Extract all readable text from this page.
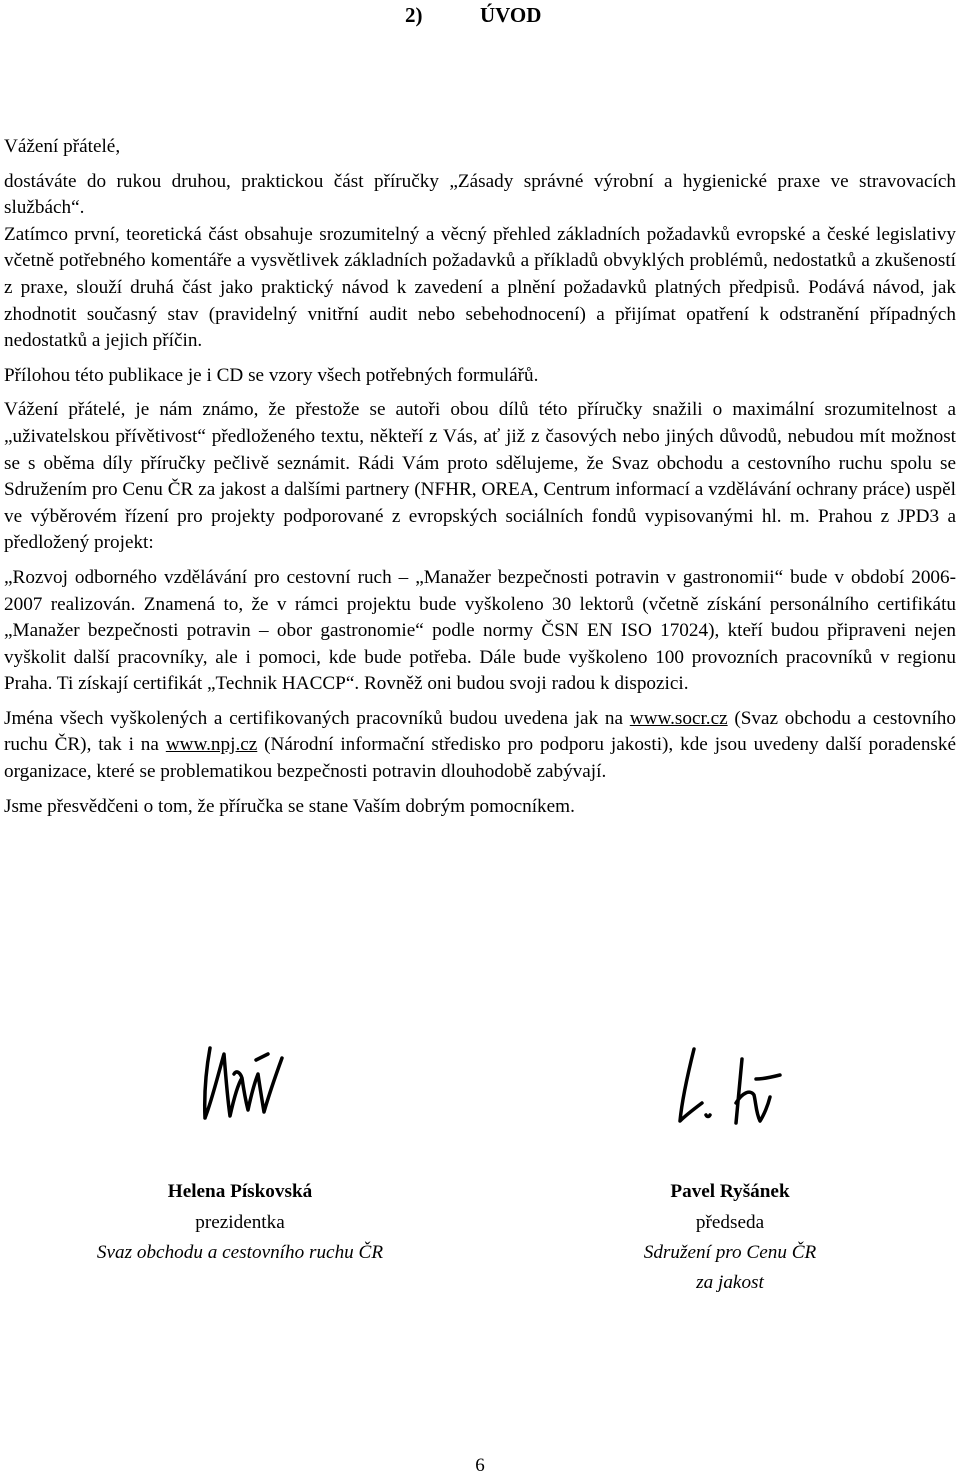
2)	ÚVOD

Vážení přátelé,

dostáváte do rukou druhou, praktickou část příručky „Zásady správné výrobní a hygienické praxe ve stravovacích službách“.

Zatímco první, teoretická část obsahuje srozumitelný a věcný přehled základních požadavků evropské a české legislativy včetně potřebného komentáře a vysvětlivek základních požadavků a příkladů obvyklých problémů, nedostatků a zkušeností z praxe, slouží druhá část jako praktický návod k zavedení a plnění požadavků platných předpisů. Podává návod, jak zhodnotit současný stav (pravidelný vnitřní audit nebo sebehodnocení) a přijímat opatření k odstranění případných nedostatků a jejich příčin.

Přílohou této publikace je i CD se vzory všech potřebných formulářů.

Vážení přátelé, je nám známo, že přestože se autoři obou dílů této příručky snažili o maximální srozumitelnost a „uživatelskou přívětivost“ předloženého textu, někteří z Vás, ať již z časových nebo jiných důvodů, nebudou mít možnost se s oběma díly příručky pečlivě seznámit. Rádi Vám proto sdělujeme, že Svaz obchodu a cestovního ruchu spolu se Sdružením pro Cenu ČR za jakost a dalšími partnery (NFHR, OREA, Centrum informací a vzdělávání ochrany práce) uspěl ve výběrovém řízení pro projekty podporované z evropských sociálních fondů vypisovanými hl. m. Prahou z JPD3 a předložený projekt:

„Rozvoj odborného vzdělávání pro cestovní ruch – „Manažer bezpečnosti potravin v gastronomii“ bude v období 2006-2007 realizován. Znamená to, že v rámci projektu bude vyškoleno 30 lektorů (včetně získání personálního certifikátu „Manažer bezpečnosti potravin – obor gastronomie“ podle normy ČSN EN ISO 17024), kteří budou připraveni nejen vyškolit další pracovníky, ale i pomoci, kde bude potřeba. Dále bude vyškoleno 100 provozních pracovníků v regionu Praha. Ti získají certifikát „Technik HACCP“. Rovněž oni budou svoji radou k dispozici.

Jména všech vyškolených a certifikovaných pracovníků budou uvedena jak na www.socr.cz (Svaz obchodu a cestovního ruchu ČR), tak i na www.npj.cz (Národní informační středisko pro podporu jakosti), kde jsou uvedeny další poradenské organizace, které se problematikou bezpečnosti potravin dlouhodobě zabývají.

Jsme přesvědčeni o tom, že příručka se stane Vaším dobrým pomocníkem.

Helena Pískovská
prezidentka
Svaz obchodu a cestovního ruchu ČR
Pavel Ryšánek
předseda
Sdružení pro Cenu ČR
za jakost
6
